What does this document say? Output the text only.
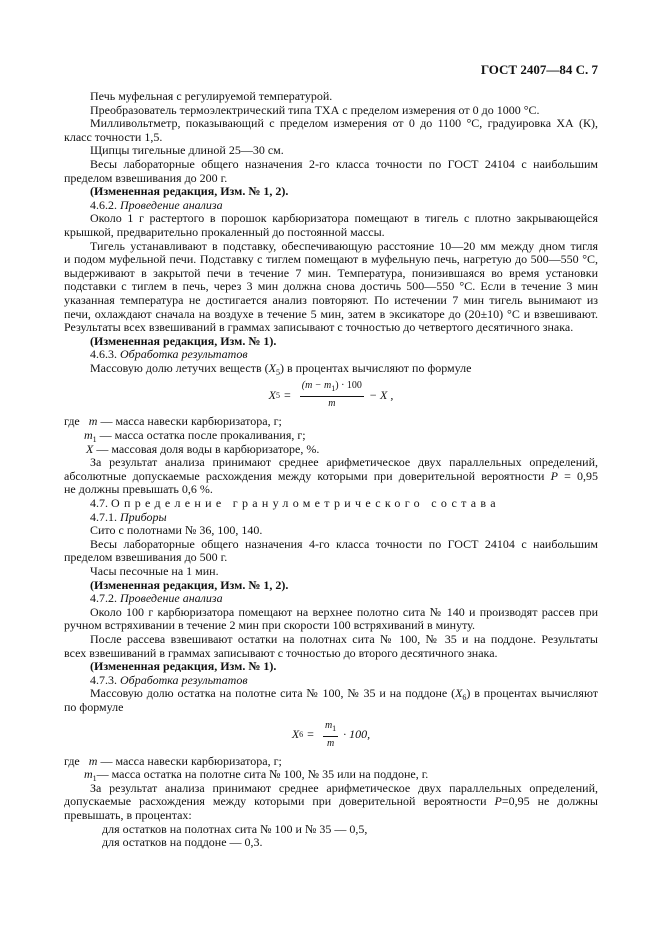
ГОСТ 2407—84 С. 7
Печь муфельная с регулируемой температурой.
Преобразователь термоэлектрический типа ТХА с пределом измерения от 0 до 1000 °С.
Милливольтметр, показывающий с пределом измерения от 0 до 1100 °С, градуировка ХА (К),
класс точности 1,5.
Щипцы тигельные длиной 25—30 см.
Весы лабораторные общего назначения 2-го класса точности по ГОСТ 24104 с наибольшим
пределом взвешивания до 200 г.
(Измененная редакция, Изм. № 1, 2).
4.6.2. Проведение анализа
Около 1 г растертого в порошок карбюризатора помещают в тигель с плотно закрывающейся
крышкой, предварительно прокаленный до постоянной массы.
Тигель устанавливают в подставку, обеспечивающую расстояние 10—20 мм между дном тигля
и подом муфельной печи. Подставку с тиглем помещают в муфельную печь, нагретую до 500—550 °С,
выдерживают в закрытой печи в течение 7 мин. Температура, понизившаяся во время установки
подставки с тиглем в печь, через 3 мин должна снова достичь 500—550 °С. Если в течение 3 мин
указанная температура не достигается анализ повторяют. По истечении 7 мин тигель вынимают из
печи, охлаждают сначала на воздухе в течение 5 мин, затем в эксикаторе до (20±10) °С и взвешивают.
Результаты всех взвешиваний в граммах записывают с точностью до четвертого десятичного знака.
(Измененная редакция, Изм. № 1).
4.6.3. Обработка результатов
Массовую долю летучих веществ $(X_5)$ в процентах вычисляют по формуле
X $5 = \frac{(m - m_1) \cdot 100}{m} - X$ ,
где m — масса навески карбюризатора, г;
$m_1$ — масса остатка после прокаливания, г;
X — массовая доля воды в карбюризаторе, %.
За результат анализа принимают среднее арифметическое двух параллельных определений,
абсолютные допускаемые расхождения между которыми при доверительной вероятности P = 0,95
не должны превышать 0,6 %.
4.7. Определение гранулометрического состава
4.7.1. Приборы
Сито с полотнами № 36, 100, 140.
Весы лабораторные общего назначения 4-го класса точности по ГОСТ 24104 с наибольшим
пределом взвешивания до 500 г.
Часы песочные на 1 мин.
(Измененная редакция, Изм. № 1, 2).
4.7.2. Проведение анализа
Около 100 г карбюризатора помещают на верхнее полотно сита № 140 и производят рассев при
ручном встряхивании в течение 2 мин при скорости 100 встряхиваний в минуту.
После рассева взвешивают остатки на полотнах сита № 100, № 35 и на поддоне. Результаты
всех взвешиваний в граммах записывают с точностью до второго десятичного знака.
(Измененная редакция, Изм. № 1).
4.7.3. Обработка результатов
Массовую долю остатка на полотне сита № 100, № 35 и на поддоне $(X_6)$ в процентах вычисляют
по формуле
X $6 = \frac{m_1}{m} \cdot 100$,
где m — масса навески карбюризатора, г;
$m_1—$ масса остатка на полотне сита № 100, № 35 или на поддоне, г.
За результат анализа принимают среднее арифметическое двух параллельных определений,
допускаемые расхождения между которыми при доверительной вероятности P=0,95 не должны
превышать, в процентах:
для остатков на полотнах сита № 100 и № 35 — 0,5,
для остатков на поддоне — 0,3.
